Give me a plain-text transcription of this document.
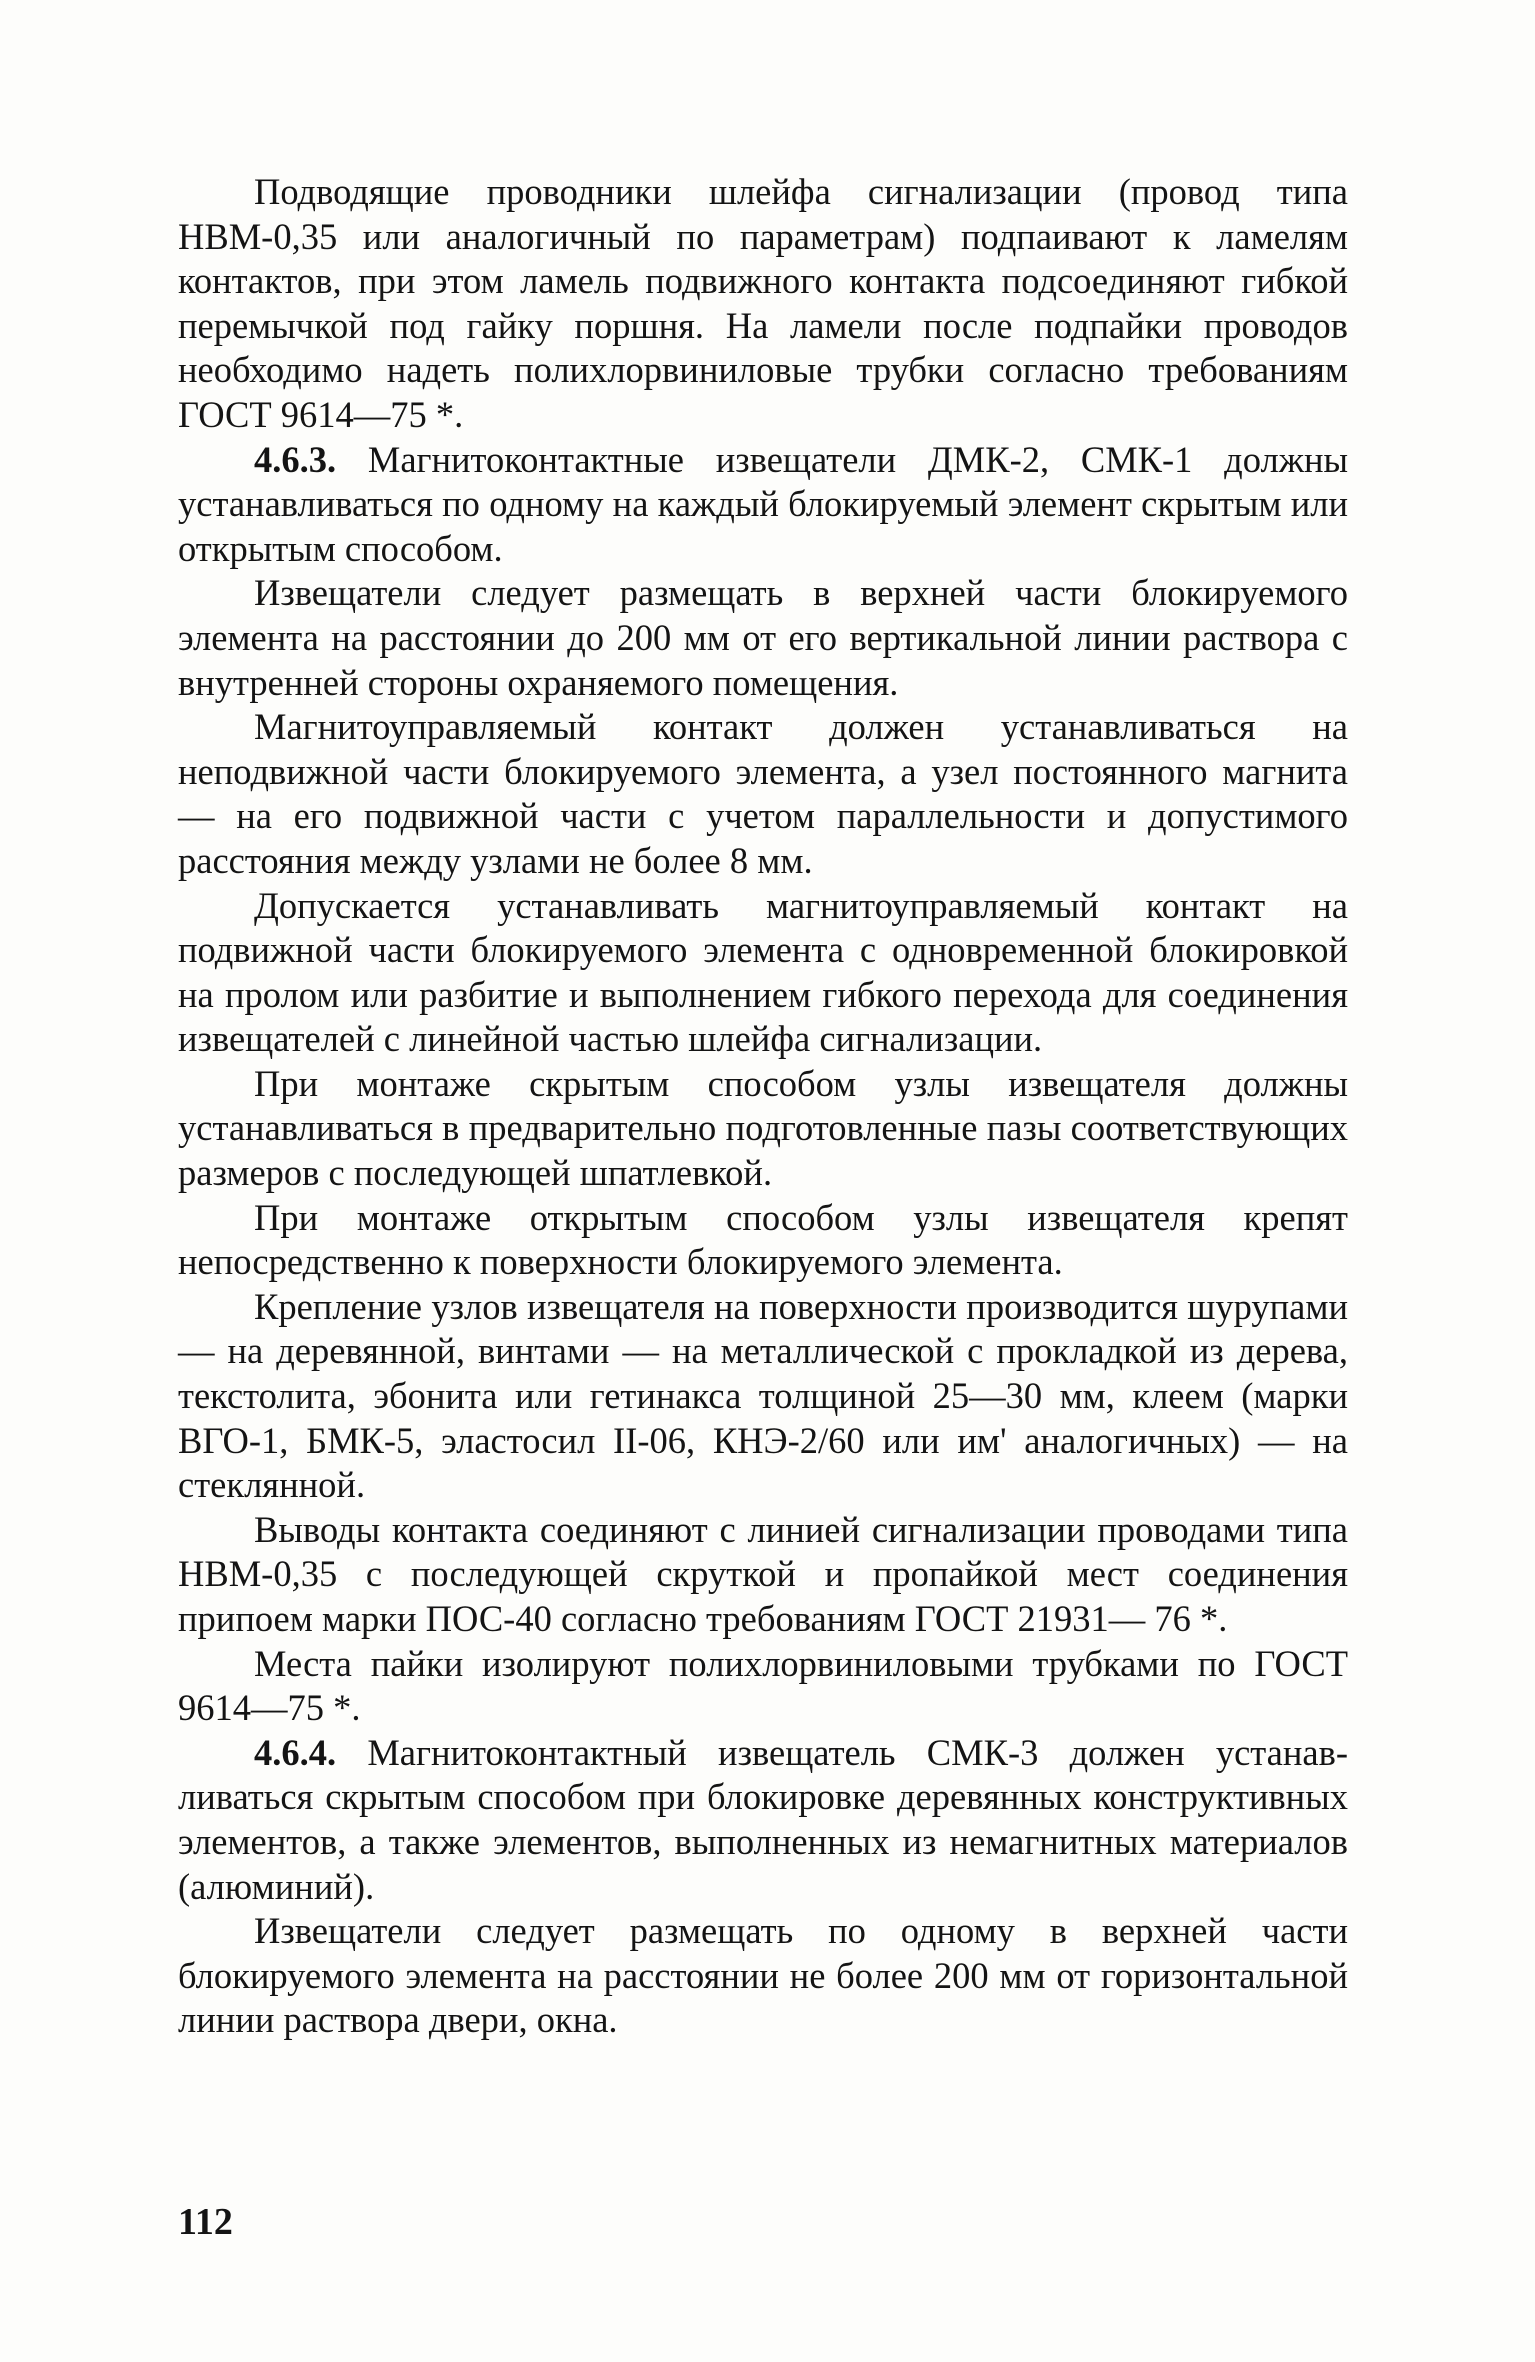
Подводящие проводники шлейфа сигнализации (провод типа НВМ-0,35 или аналогичный по параметрам) подпаивают к ламелям контактов, при этом ламель подвижного контакта подсоединяют гибкой перемычкой под гайку поршня. На ламели после подпайки проводов необходимо надеть полихлорвиниловые трубки согласно требованиям ГОСТ 9614—75 *.

4.6.3. Магнитоконтактные извещатели ДМК-2, СМК-1 должны устанавливаться по одному на каждый блокируемый элемент скрытым или открытым способом.

Извещатели следует размещать в верхней части блокируемого элемента на расстоянии до 200 мм от его вертикальной линии раствора с внутренней стороны охраняемого помещения.

Магнитоуправляемый контакт должен устанавливаться на неподвижной части блокируемого элемента, а узел постоянного магнита — на его подвижной части с учетом параллельности и допустимого расстояния между узлами не более 8 мм.

Допускается устанавливать магнитоуправляемый контакт на подвижной части блокируемого элемента с одновременной блокировкой на пролом или разбитие и выполнением гибкого перехода для соединения извещателей с линейной частью шлейфа сигнализации.

При монтаже скрытым способом узлы извещателя должны устанавливаться в предварительно подготовленные пазы соответствующих размеров с последующей шпатлевкой.

При монтаже открытым способом узлы извещателя крепят непосредственно к поверхности блокируемого элемента.

Крепление узлов извещателя на поверхности производится шурупами — на деревянной, винтами — на металлической с прокладкой из дерева, текстолита, эбонита или гетинакса толщиной 25—30 мм, клеем (марки ВГО-1, БМК-5, эластосил II-06, КНЭ-2/60 или им' аналогичных) — на стеклянной.

Выводы контакта соединяют с линией сигнализации проводами типа НВМ-0,35 с последующей скруткой и пропайкой мест соединения припоем марки ПОС-40 согласно требованиям ГОСТ 21931— 76 *.

Места пайки изолируют полихлорвиниловыми трубками по ГОСТ 9614—75 *.

4.6.4. Магнитоконтактный извещатель СМК-3 должен устанавливаться скрытым способом при блокировке деревянных конструктивных элементов, а также элементов, выполненных из немагнитных материалов (алюминий).

Извещатели следует размещать по одному в верхней части блокируемого элемента на расстоянии не более 200 мм от горизонтальной линии раствора двери, окна.

112
